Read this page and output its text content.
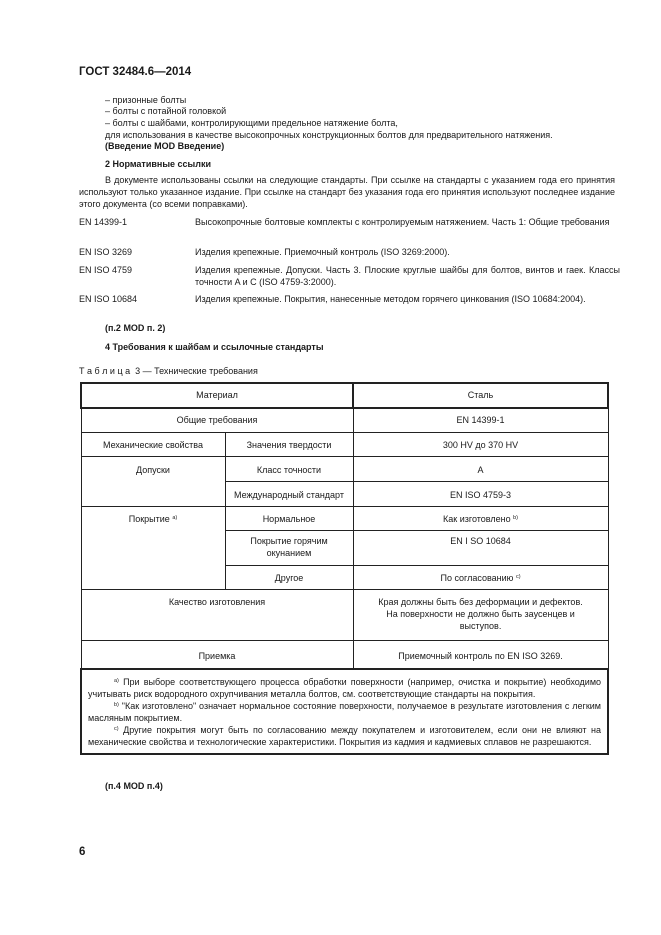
ГОСТ 32484.6—2014
– призонные болты
– болты с потайной головкой
– болты с шайбами, контролирующими предельное натяжение болта,
для использования в качестве высокопрочных конструкционных болтов для предварительного натяжения.
(Введение MOD Введение)
2 Нормативные ссылки
В документе использованы ссылки на следующие стандарты. При ссылке на стандарты с указанием года его принятия используют только указанное издание. При ссылке на стандарт без указания года его принятия используют последнее издание этого документа (со всеми поправками).
EN 14399-1	Высокопрочные болтовые комплекты с контролируемым натяжением. Часть 1: Общие требования
EN ISO 3269	Изделия крепежные. Приемочный контроль (ISO 3269:2000).
EN ISO 4759	Изделия крепежные. Допуски. Часть 3. Плоские круглые шайбы для болтов, винтов и гаек. Классы точности A и C (ISO 4759-3:2000).
EN ISO 10684	Изделия крепежные. Покрытия, нанесенные методом горячего цинкования (ISO 10684:2004).
(п.2 MOD п. 2)
4 Требования к шайбам и ссылочные стандарты
Т а б л и ц а  3 — Технические требования
Материал		Сталь
Общие требования		EN 14399-1
Механические свойства	Значения твердости	300 HV до 370 HV
Допуски	Класс точности	A
	Международный стандарт	EN ISO 4759-3
Покрытие $^{a)}$	Нормальное	Как изготовлено $^{b)}$
	Покрытие горячим окунанием	EN I SO 10684
	Другое	По согласованию $^{c)}$
Качество изготовления		Края должны быть без деформации и дефектов. На поверхности не должно быть заусенцев и выступов.
Приемка		Приемочный контроль по EN ISO 3269.

$^{a)}$ При выборе соответствующего процесса обработки поверхности (например, очистка и покрытие) необходимо учитывать риск водородного охрупчивания металла болтов, см. соответствующие стандарты на покрытия.
$^{b)}$ "Как изготовлено" означает нормальное состояние поверхности, получаемое в результате изготовления с легким масляным покрытием.
$^{c)}$ Другие покрытия могут быть по согласованию между покупателем и изготовителем, если они не влияют на механические свойства и технологические характеристики. Покрытия из кадмия и кадмиевых сплавов не разрешаются.		
(п.4 MOD п.4)
6
